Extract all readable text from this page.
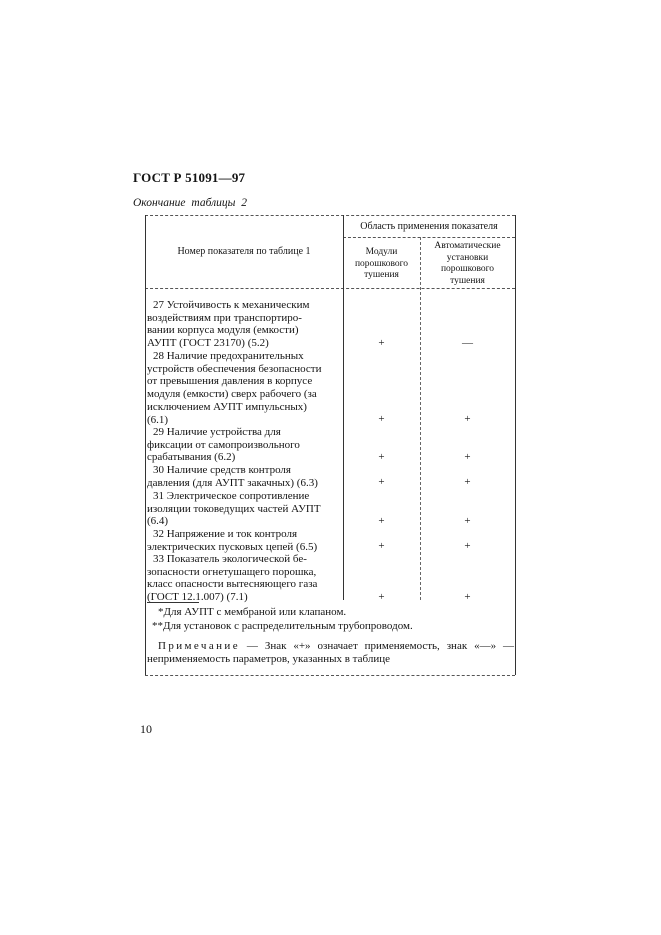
ГОСТ Р 51091—97
Окончание таблицы 2
Номер показателя по таблице 1
Область применения показателя
Модули
порошкового
тушения
Автоматические
установки
порошкового
тушения
27 Устойчивость к механическим
воздействиям при транспортиро-
вании корпуса модуля (емкости)
АУПТ (ГОСТ 23170) (5.2)	+	—
28 Наличие предохранительных
устройств обеспечения безопасности
от превышения давления в корпусе
модуля (емкости) сверх рабочего (за
исключением АУПТ импульсных)
(6.1)	+	+
29 Наличие устройства для
фиксации от самопроизвольного
срабатывания (6.2)	+	+
30 Наличие средств контроля
давления (для АУПТ закачных) (6.3)	+	+
31 Электрическое сопротивление
изоляции токоведущих частей АУПТ
(6.4)	+	+
32 Напряжение и ток контроля
электрических пусковых цепей (6.5)	+	+
33 Показатель экологической бе-
зопасности огнетушащего порошка,
класс опасности вытесняющего газа
(ГОСТ 12.1.007) (7.1)	+	+
*Для АУПТ с мембраной или клапаном.
**Для установок с распределительным трубопроводом.
Примечание — Знак «+» означает применяемость, знак «—» — неприменяемость параметров, указанных в таблице
10
